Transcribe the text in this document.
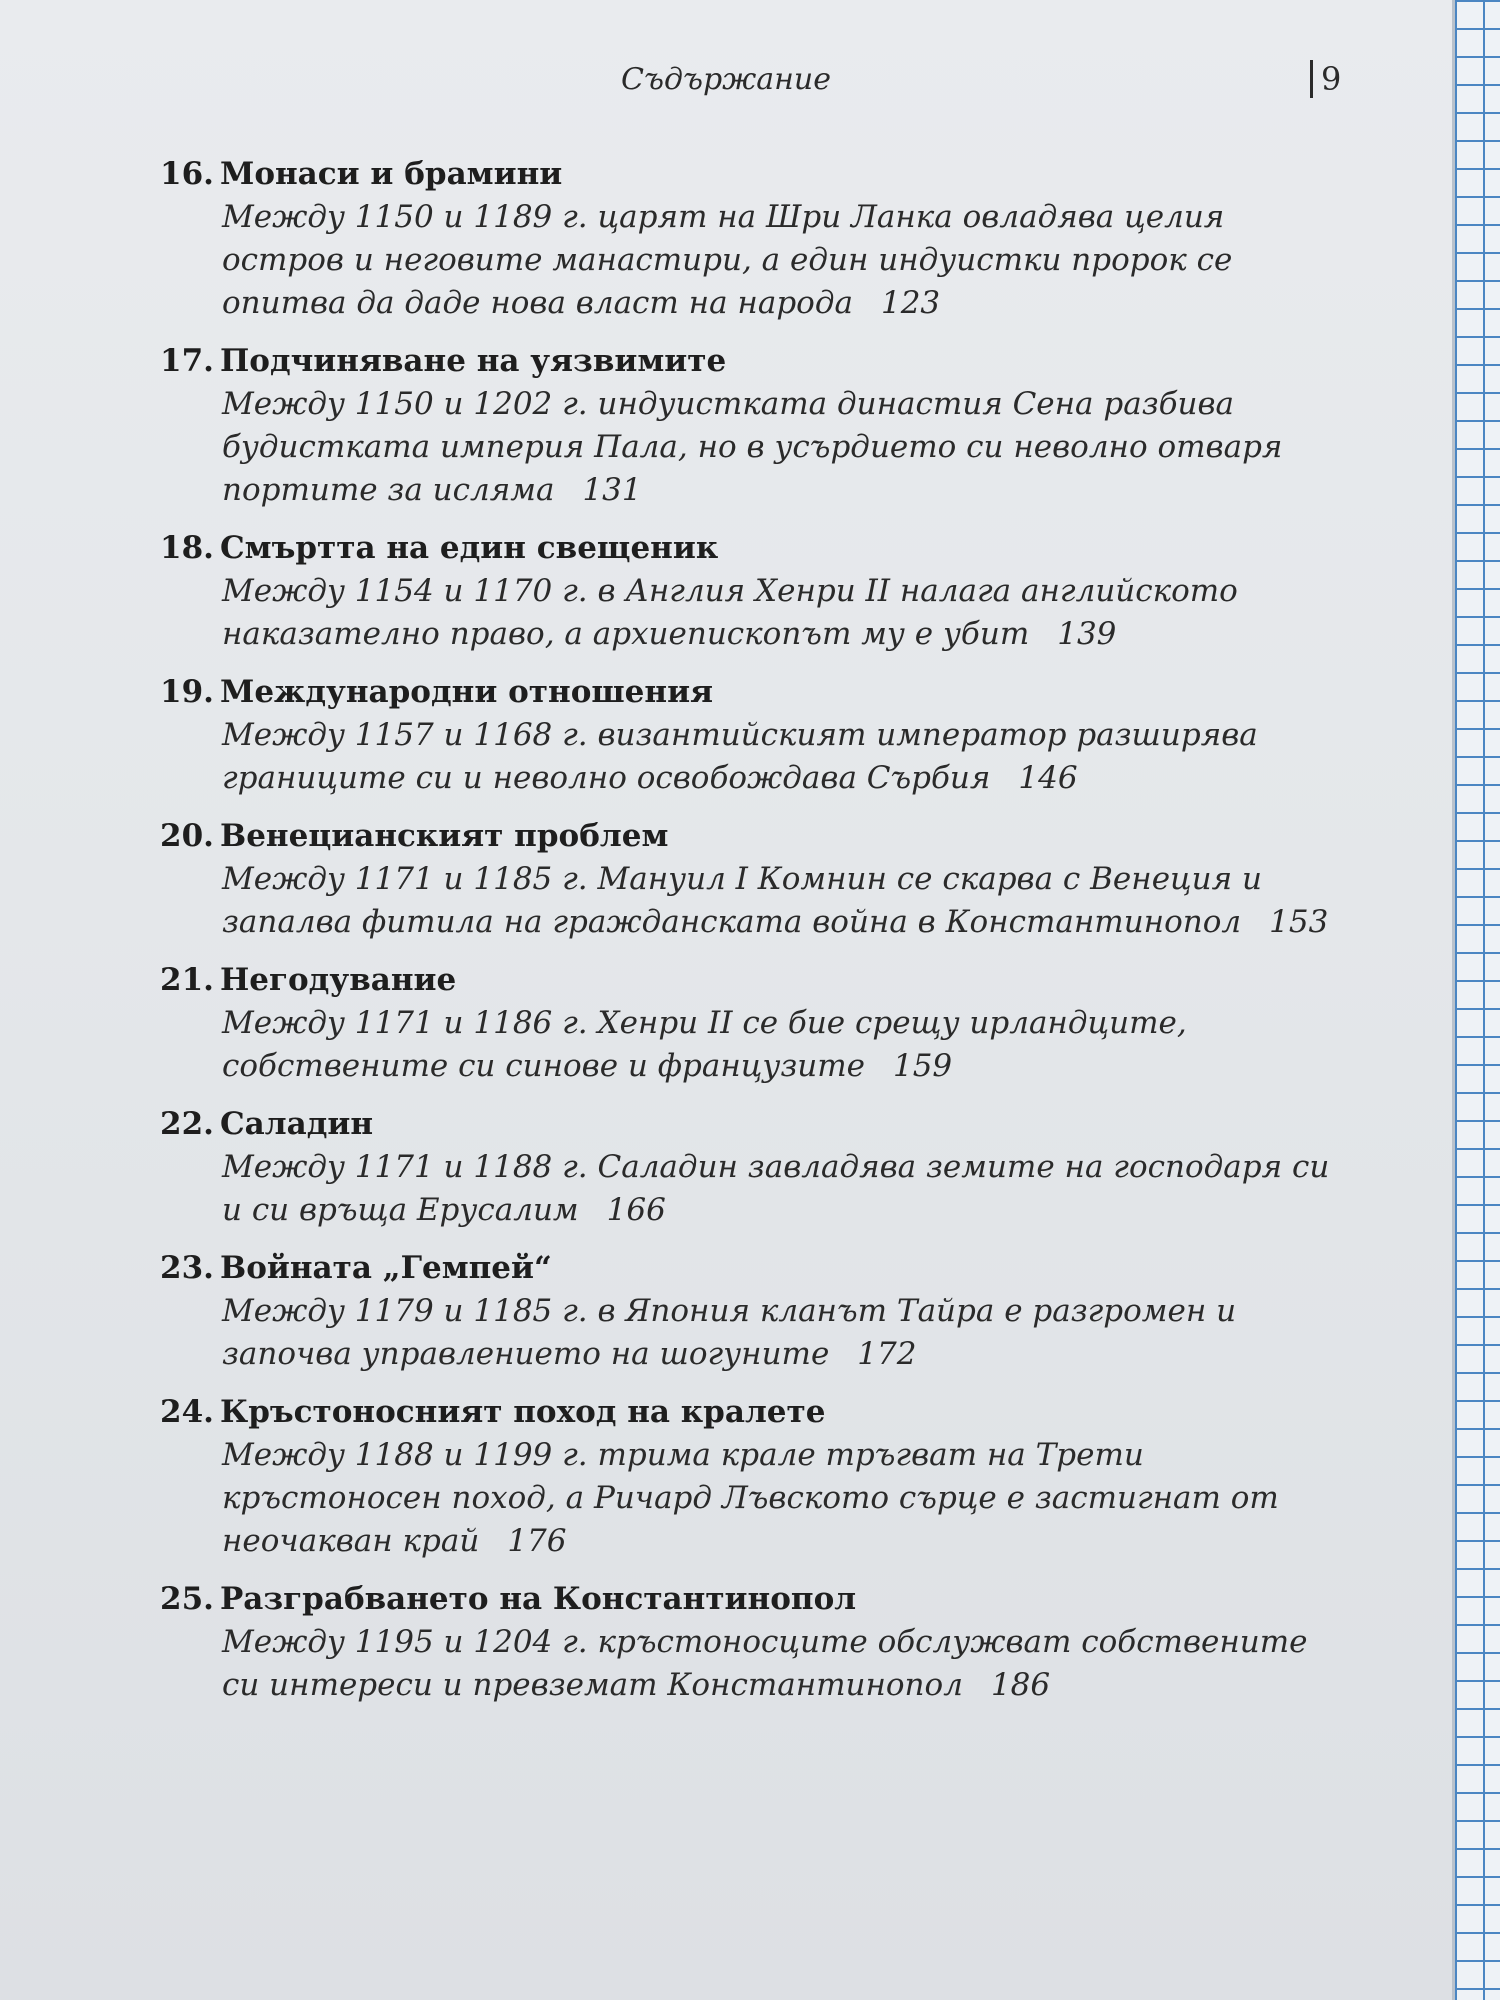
Съдържание	9
16. Монаси и брамини
Между 1150 и 1189 г. царят на Шри Ланка овладява целия остров и неговите манастири, а един индуистки пророк се опитва да даде нова власт на народа 123
17. Подчиняване на уязвимите
Между 1150 и 1202 г. индуистката династия Сена разбива будистката империя Пала, но в усърдието си неволно отваря портите за исляма 131
18. Смъртта на един свещеник
Между 1154 и 1170 г. в Англия Хенри II налага английското наказателно право, а архиепископът му е убит 139
19. Международни отношения
Между 1157 и 1168 г. византийският император разширява границите си и неволно освобождава Сърбия 146
20. Венецианският проблем
Между 1171 и 1185 г. Мануил I Комнин се скарва с Венеция и запалва фитила на гражданската война в Константинопол 153
21. Негодувание
Между 1171 и 1186 г. Хенри II се бие срещу ирландците, собствените си синове и французите 159
22. Саладин
Между 1171 и 1188 г. Саладин завладява земите на господаря си и си връща Ерусалим 166
23. Войната „Гемпей“
Между 1179 и 1185 г. в Япония кланът Тайра е разгромен и започва управлението на шогуните 172
24. Кръстоносният поход на кралете
Между 1188 и 1199 г. трима крале тръгват на Трети кръстоносен поход, а Ричард Лъвското сърце е застигнат от неочакван край 176
25. Разграбването на Константинопол
Между 1195 и 1204 г. кръстоносците обслужват собствените си интереси и превземат Константинопол 186
